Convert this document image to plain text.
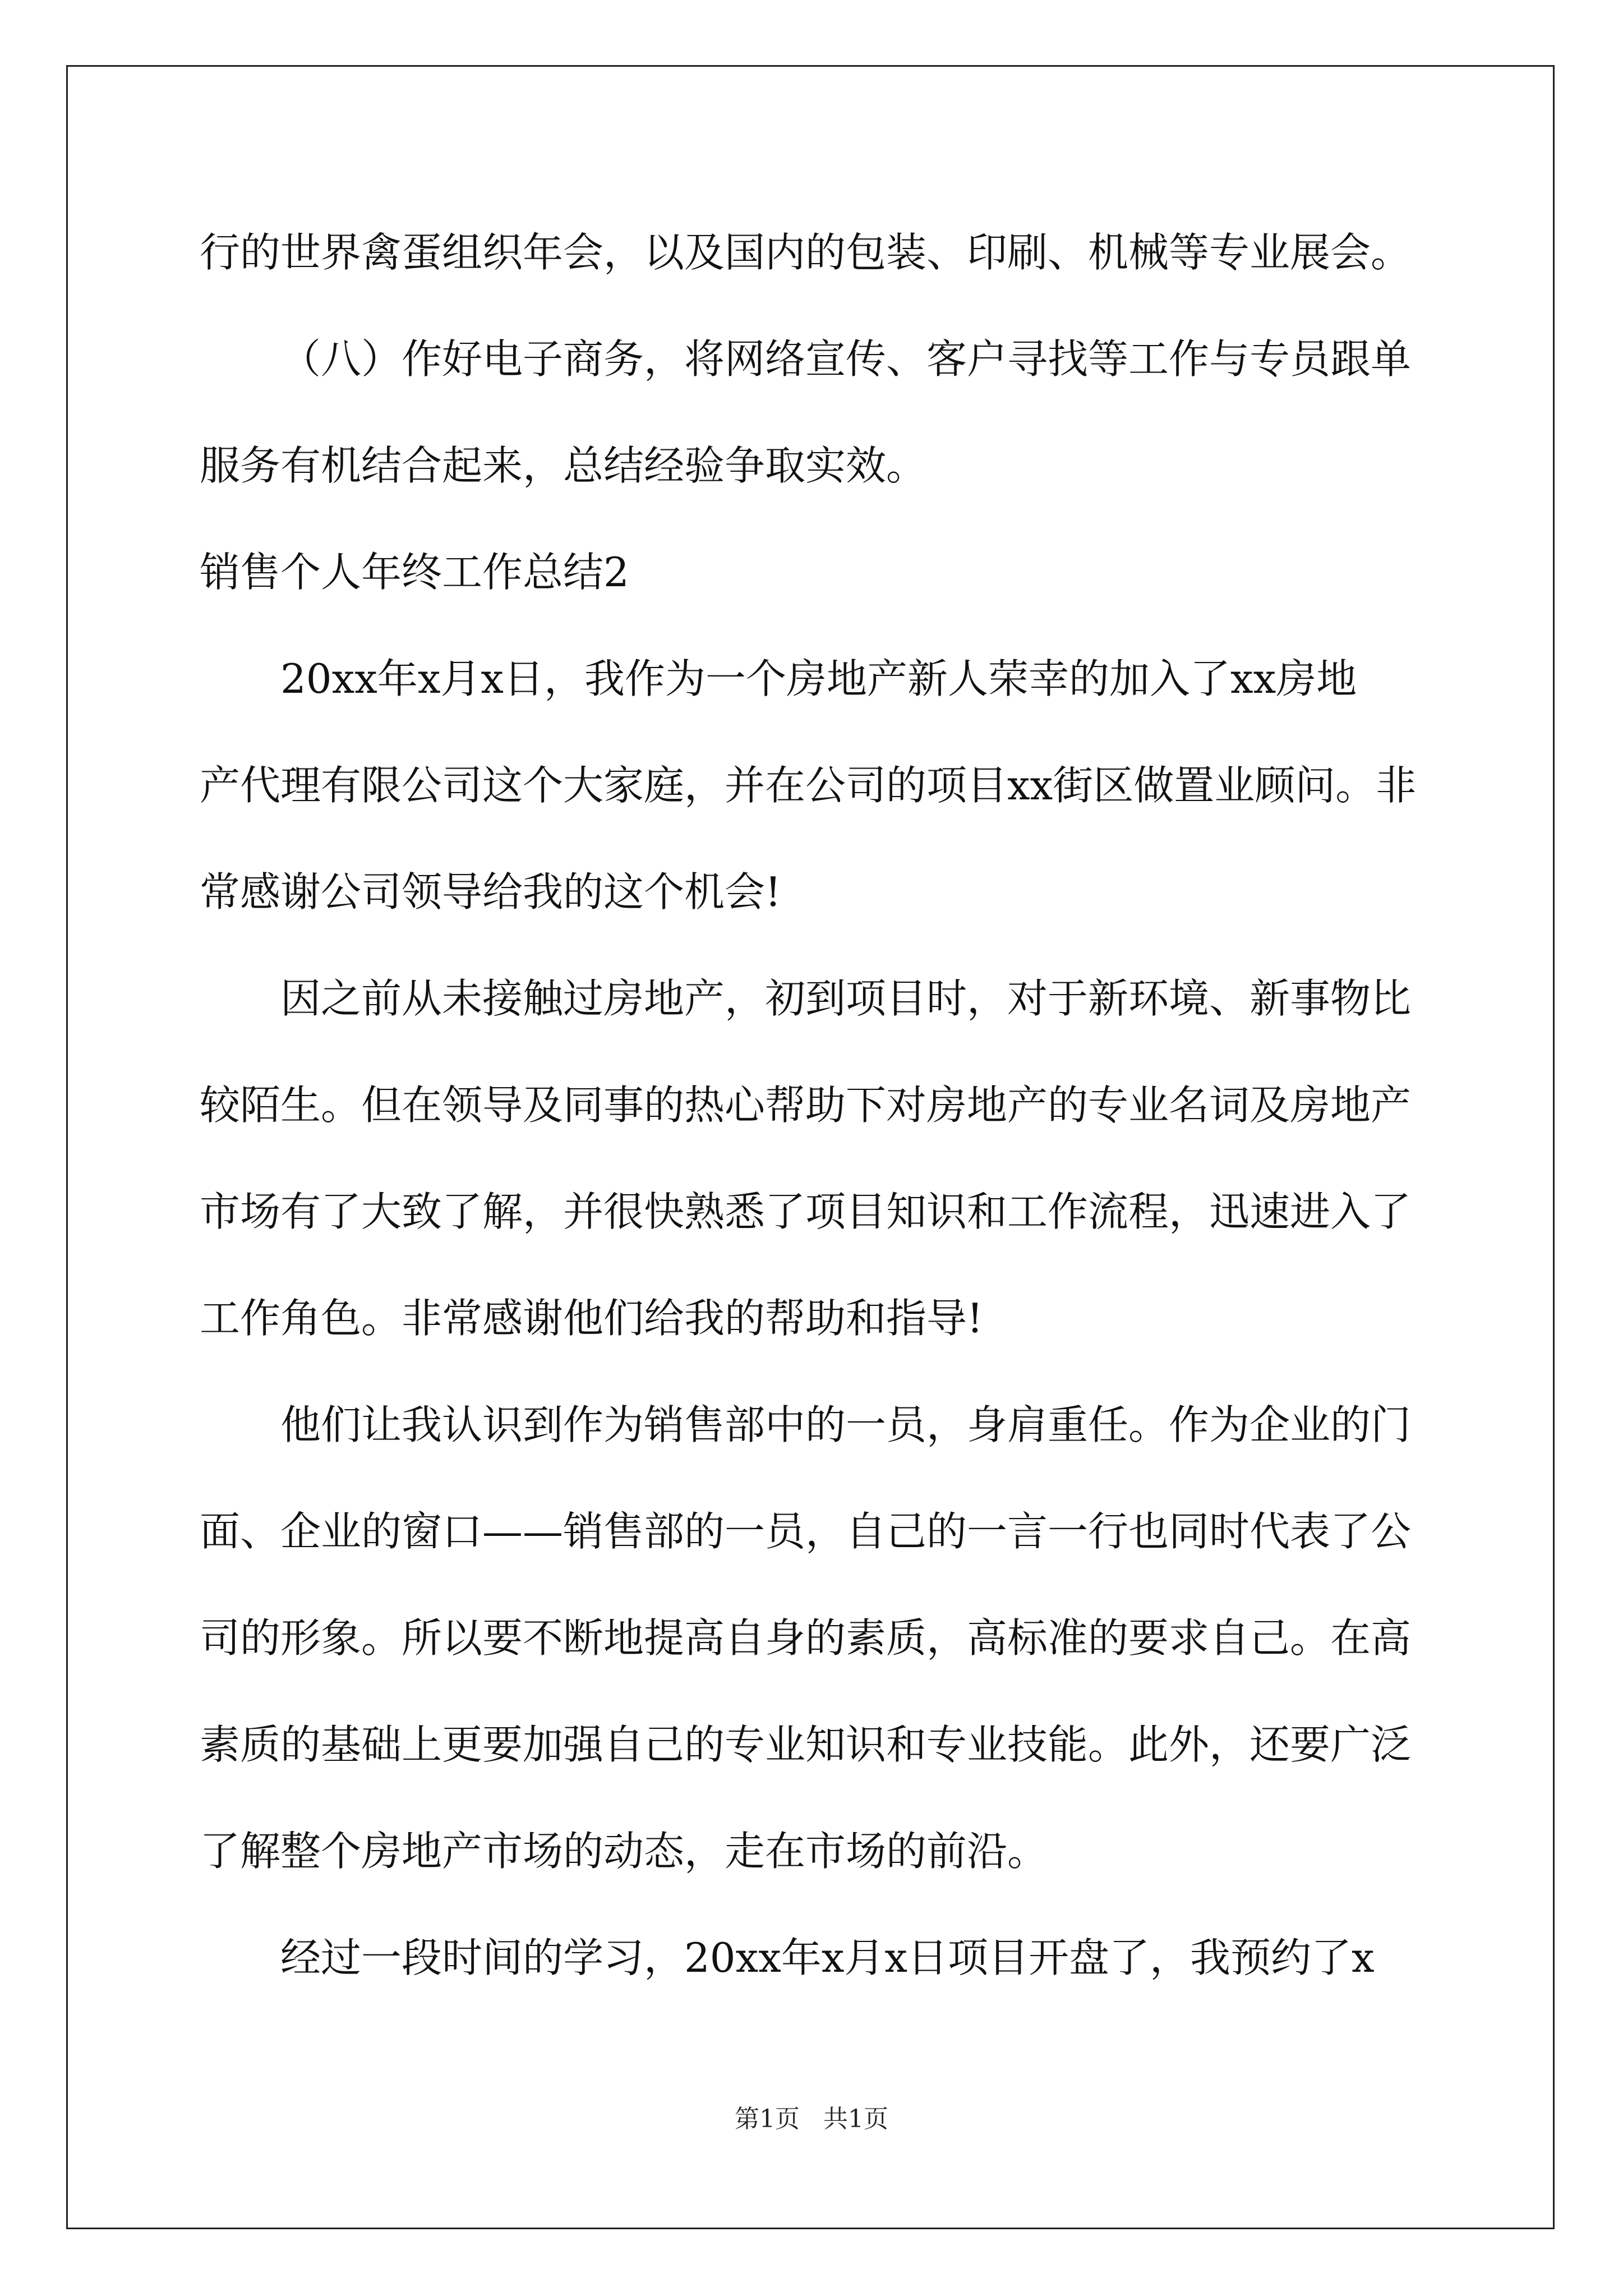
行的世界禽蛋组织年会，以及国内的包装、印刷、机械等专业展会。
（八）作好电子商务，将网络宣传、客户寻找等工作与专员跟单
服务有机结合起来，总结经验争取实效。
销售个人年终工作总结2
20xx年x月x日，我作为一个房地产新人荣幸的加入了xx房地
产代理有限公司这个大家庭，并在公司的项目xx街区做置业顾问。非
常感谢公司领导给我的这个机会!
因之前从未接触过房地产，初到项目时，对于新环境、新事物比
较陌生。但在领导及同事的热心帮助下对房地产的专业名词及房地产
市场有了大致了解，并很快熟悉了项目知识和工作流程，迅速进入了
工作角色。非常感谢他们给我的帮助和指导!
他们让我认识到作为销售部中的一员，身肩重任。作为企业的门
面、企业的窗口——销售部的一员，自己的一言一行也同时代表了公
司的形象。所以要不断地提高自身的素质，高标准的要求自己。在高
素质的基础上更要加强自己的专业知识和专业技能。此外，还要广泛
了解整个房地产市场的动态，走在市场的前沿。
经过一段时间的学习，20xx年x月x日项目开盘了，我预约了x
第1页 共1页
